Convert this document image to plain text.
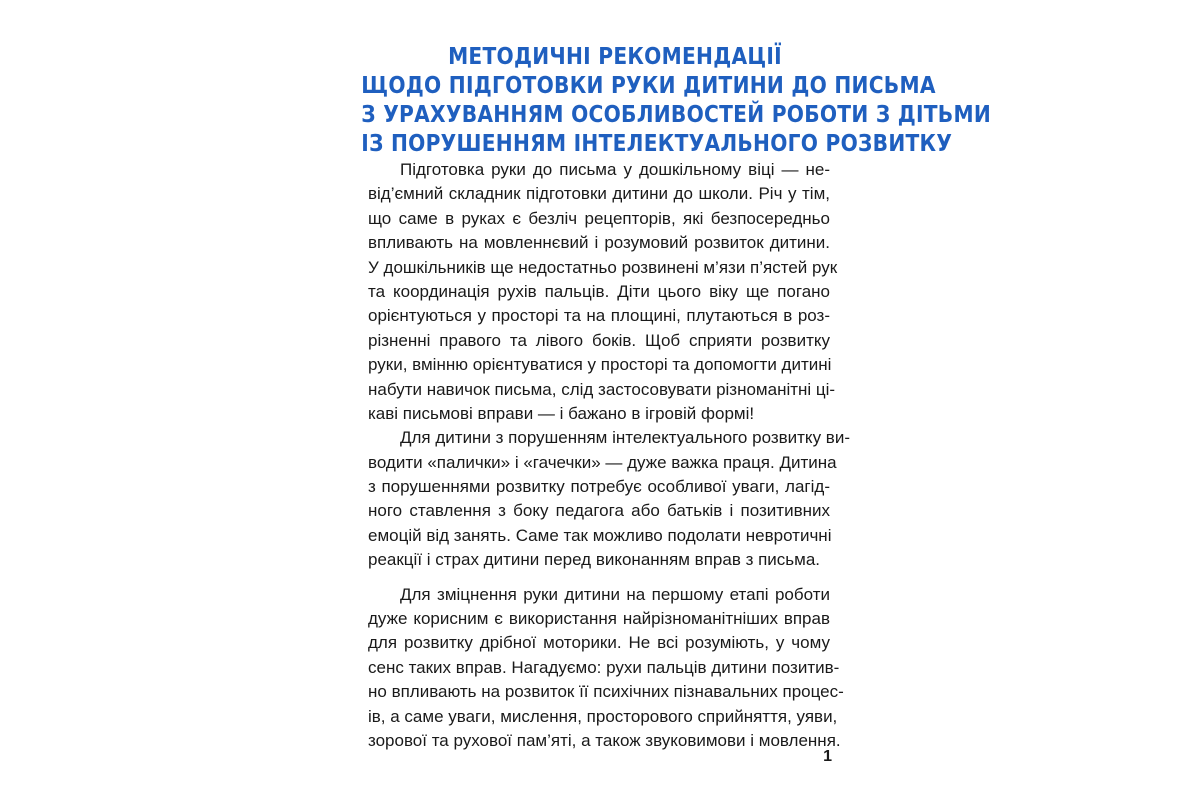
МЕТОДИЧНІ РЕКОМЕНДАЦІЇ
ЩОДО ПІДГОТОВКИ РУКИ ДИТИНИ ДО ПИСЬМА
З УРАХУВАННЯМ ОСОБЛИВОСТЕЙ РОБОТИ З ДІТЬМИ
ІЗ ПОРУШЕННЯМ ІНТЕЛЕКТУАЛЬНОГО РОЗВИТКУ
Підготовка руки до письма у дошкільному віці — не-
від’ємний складник підготовки дитини до школи. Річ у тім,
що саме в руках є безліч рецепторів, які безпосередньо
впливають на мовленнєвий і розумовий розвиток дитини.
У дошкільників ще недостатньо розвинені м’язи п’ястей рук
та координація рухів пальців. Діти цього віку ще погано
орієнтуються у просторі та на площині, плутаються в роз-
різненні правого та лівого боків. Щоб сприяти розвитку
руки, вмінню орієнтуватися у просторі та допомогти дитині
набути навичок письма, слід застосовувати різноманітні ці-
каві письмові вправи — і бажано в ігровій формі!
Для дитини з порушенням інтелектуального розвитку ви-
водити «палички» і «гачечки» — дуже важка праця. Дитина
з порушеннями розвитку потребує особливої уваги, лагід-
ного ставлення з боку педагога або батьків і позитивних
емоцій від занять. Саме так можливо подолати невротичні
реакції і страх дитини перед виконанням вправ з письма.
Для зміцнення руки дитини на першому етапі роботи
дуже корисним є використання найрізноманітніших вправ
для розвитку дрібної моторики. Не всі розуміють, у чому
сенс таких вправ. Нагадуємо: рухи пальців дитини позитив-
но впливають на розвиток її психічних пізнавальних процес-
ів, а саме уваги, мислення, просторового сприйняття, уяви,
зорової та рухової пам’яті, а також звуковимови і мовлення.
1
